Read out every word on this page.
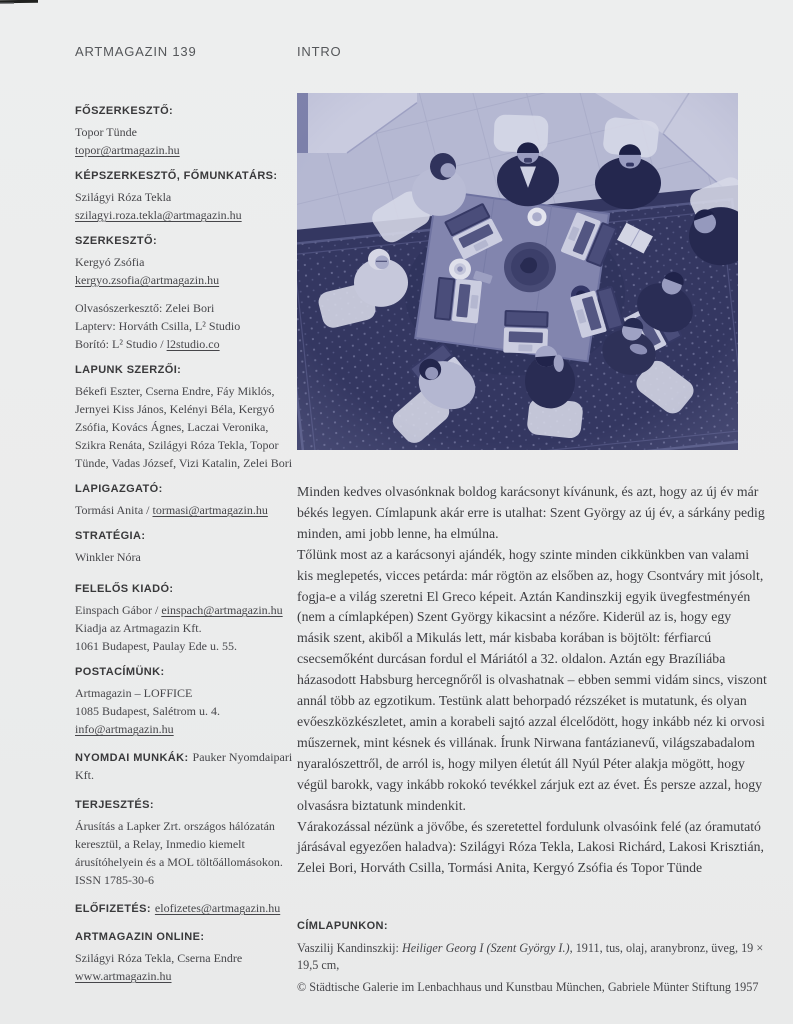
ARTMAGAZIN 139	INTRO
FŐSZERKESZTŐ:
Topor Tünde
topor@artmagazin.hu
KÉPSZERKESZTŐ, FŐMUNKATÁRS:
Szilágyi Róza Tekla
szilagyi.roza.tekla@artmagazin.hu
SZERKESZTŐ:
Kergyó Zsófia
kergyo.zsofia@artmagazin.hu
Olvasószerkesztő: Zelei Bori
Lapterv: Horváth Csilla, L² Studio
Borító: L² Studio / l2studio.co
LAPUNK SZERZŐI:
Békefi Eszter, Cserna Endre, Fáy Miklós, Jernyei Kiss János, Kelényi Béla, Kergyó Zsófia, Kovács Ágnes, Laczai Veronika, Szikra Renáta, Szilágyi Róza Tekla, Topor Tünde, Vadas József, Vizi Katalin, Zelei Bori
LAPIGAZGATÓ:
Tormási Anita / tormasi@artmagazin.hu
STRATÉGIA:
Winkler Nóra
FELELŐS KIADÓ:
Einspach Gábor / einspach@artmagazin.hu
Kiadja az Artmagazin Kft.
1061 Budapest, Paulay Ede u. 55.
POSTACÍMÜNK:
Artmagazin – LOFFICE
1085 Budapest, Salétrom u. 4.
info@artmagazin.hu
NYOMDAI MUNKÁK: Pauker Nyomdaipari Kft.
TERJESZTÉS:
Árusítás a Lapker Zrt. országos hálózatán keresztül, a Relay, Inmedio kiemelt árusítóhelyein és a MOL töltőállomásokon.
ISSN 1785-30-6
ELŐFIZETÉS: elofizetes@artmagazin.hu
ARTMAGAZIN ONLINE:
Szilágyi Róza Tekla, Cserna Endre
www.artmagazin.hu

Minden kedves olvasónknak boldog karácsonyt kívánunk, és azt, hogy az új év már békés legyen. Címlapunk akár erre is utalhat: Szent György az új év, a sárkány pedig minden, ami jobb lenne, ha elmúlna.

Tőlünk most az a karácsonyi ajándék, hogy szinte minden cikkünkben van valami kis meglepetés, vicces petárda: már rögtön az elsőben az, hogy Csontváry mit jósolt, fogja-e a világ szeretni El Greco képeit. Aztán Kandinszkij egyik üvegfestményén (nem a címlapképen) Szent György kikacsint a nézőre. Kiderül az is, hogy egy másik szent, akiből a Mikulás lett, már kisbaba korában is böjtölt: férfiarcú csecsemőként durcásan fordul el Máriától a 32. oldalon. Aztán egy Brazíliába házasodott Habsburg hercegnőről is olvashatnak – ebben semmi vidám sincs, viszont annál több az egzotikum. Testünk alatt behorpadó rézszéket is mutatunk, és olyan evőeszközkészletet, amin a korabeli sajtó azzal élcelődött, hogy inkább néz ki orvosi műszernek, mint késnek és villának. Írunk Nirwana fantázianevű, világszabadalom nyaralószettről, de arról is, hogy milyen életút áll Nyúl Péter alakja mögött, hogy végül barokk, vagy inkább rokokó tevékkel zárjuk ezt az évet. És persze azzal, hogy olvasásra biztatunk mindenkit.

Várakozással nézünk a jövőbe, és szeretettel fordulunk olvasóink felé (az óramutató járásával egyezően haladva): Szilágyi Róza Tekla, Lakosi Richárd, Lakosi Krisztián, Zelei Bori, Horváth Csilla, Tormási Anita, Kergyó Zsófia és Topor Tünde

CÍMLAPUNKON:
Vaszilij Kandinszkij: Heiliger Georg I (Szent György I.), 1911, tus, olaj, aranybronz, üveg, 19 × 19,5 cm,
© Städtische Galerie im Lenbachhaus und Kunstbau München, Gabriele Münter Stiftung 1957
